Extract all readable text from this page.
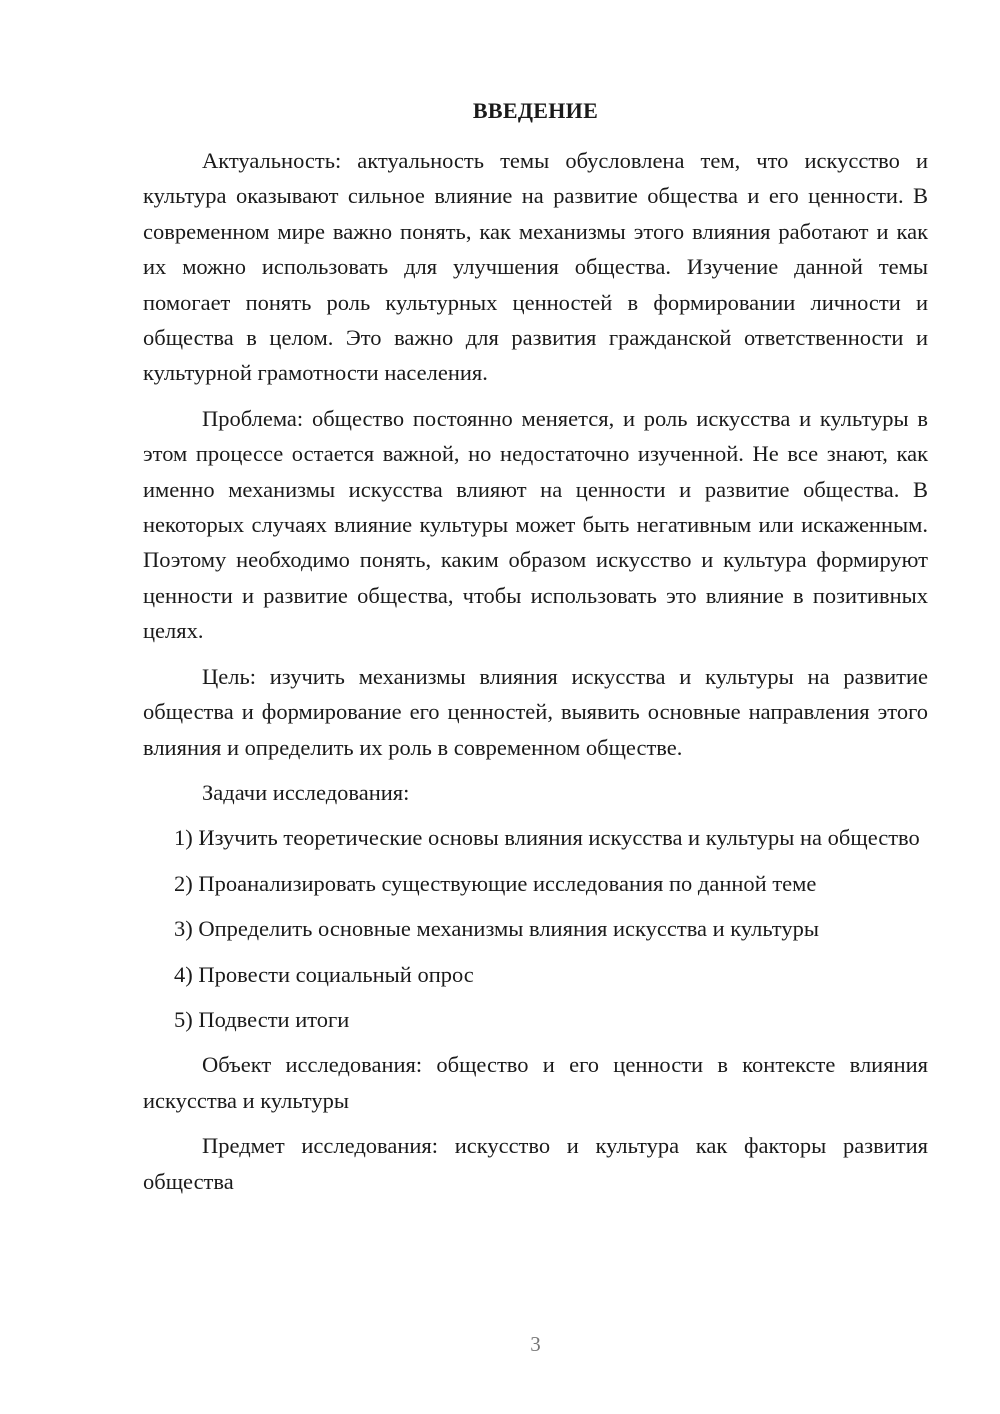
ВВЕДЕНИЕ

Актуальность: актуальность темы обусловлена тем, что искусство и культура оказывают сильное влияние на развитие общества и его ценности. В современном мире важно понять, как механизмы этого влияния работают и как их можно использовать для улучшения общества. Изучение данной темы помогает понять роль культурных ценностей в формировании личности и общества в целом. Это важно для развития гражданской ответственности и культурной грамотности населения.

Проблема: общество постоянно меняется, и роль искусства и культуры в этом процессе остается важной, но недостаточно изученной. Не все знают, как именно механизмы искусства влияют на ценности и развитие общества. В некоторых случаях влияние культуры может быть негативным или искаженным. Поэтому необходимо понять, каким образом искусство и культура формируют ценности и развитие общества, чтобы использовать это влияние в позитивных целях.

Цель: изучить механизмы влияния искусства и культуры на развитие общества и формирование его ценностей, выявить основные направления этого влияния и определить их роль в современном обществе.

Задачи исследования:

1) Изучить теоретические основы влияния искусства и культуры на общество

2) Проанализировать существующие исследования по данной теме

3) Определить основные механизмы влияния искусства и культуры

4) Провести социальный опрос

5) Подвести итоги

Объект исследования: общество и его ценности в контексте влияния искусства и культуры

Предмет исследования: искусство и культура как факторы развития общества

3
